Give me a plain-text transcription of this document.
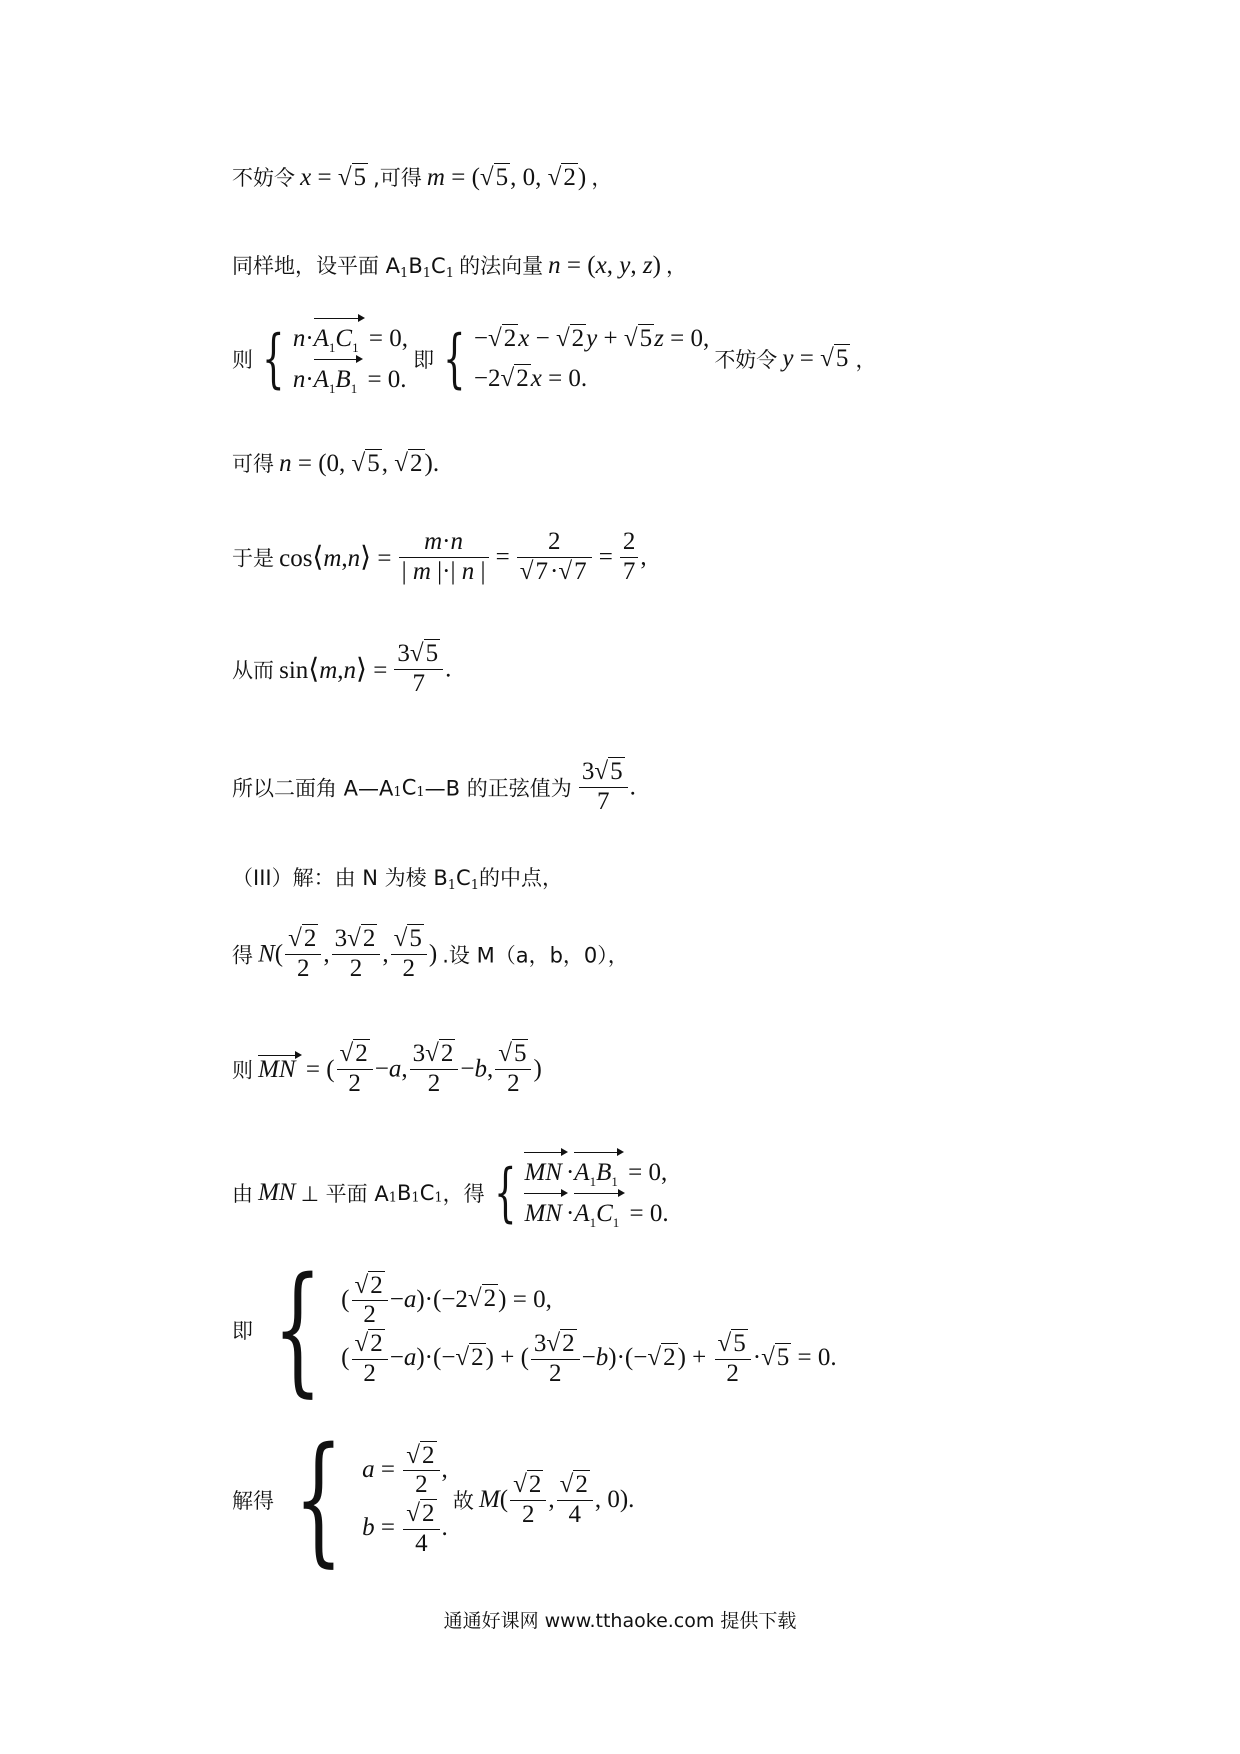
不妨令 x = √5 ,可得 m = (√5, 0, √2) ，
同样地，设平面 $A_1B_1C_1$ 的法向量 n = (x, y, z) ，
则 { $n\cdot A_1C_1 = 0$,
$n\cdot A_1B_1 = 0$.
即 { −√2x − √2y + √5z = 0,
−2√2x = 0.
不妨令 y = √5 ，
可得 n = (0, √5, √2).
于是 cos⟨m,n⟩ = $\frac{m\cdot n}{| m |\cdot| n |} = \frac{2}{√7\cdot√7} = \frac{2}{7}$ ,
从而 sin⟨m,n⟩ = $\frac{3√5}{7}$ .
所以二面角 $A—A_1C_1—B$ 的正弦值为 $\frac{3√5}{7}$ .
（III）解：由 N 为棱 $B_1C_1$的中点，
得 $N( \frac{√2}{2}$ , $\frac{3√2}{2}$ , $\frac{√5}{2}$ ) .设 M（a，b，0），
则 MN = ( $\frac{√2}{2} -a$, $\frac{3√2}{2} -b$, $\frac{√5}{2}$ )
由 MN ⊥ 平面 $A_1B_1C_1$，得 { MN $\cdot A_1B_1 = 0$,
MN $\cdot A_1C_1 = 0$.
即 { ( $\frac{√2}{2} -a)\cdot(-2√2) = 0$,
( $\frac{√2}{2} -a)\cdot(-√2)$ + ( $\frac{3√2}{2} -b)\cdot(-√2) + \frac{√5}{2} \cdot√5 = 0$.
解得 { $a = \frac{√2}{2}$ ,
$b = \frac{√2}{4}$ .
故 $M( \frac{√2}{2}$ , $\frac{√2}{4}$ , 0).
通通好课网 www.tthaoke.com 提供下载
